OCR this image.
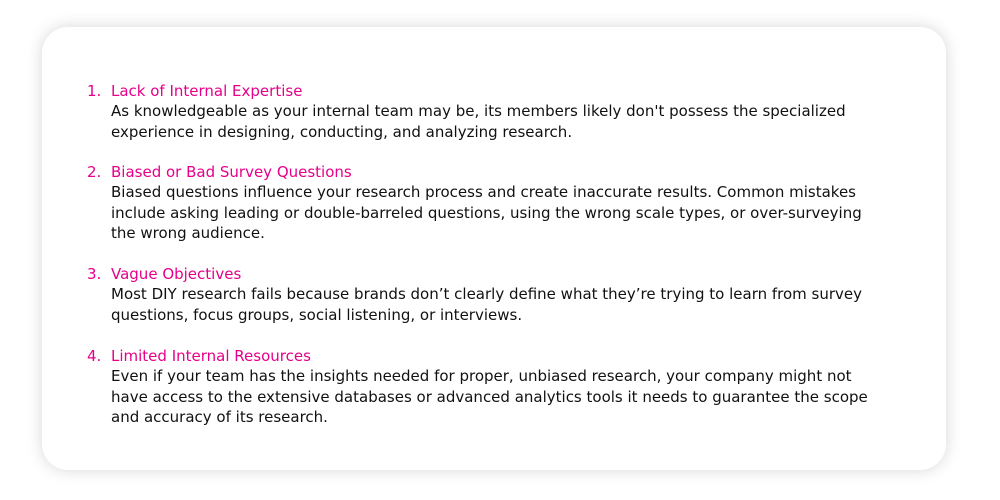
1. Lack of Internal Expertise
As knowledgeable as your internal team may be, its members likely don't possess the specialized experience in designing, conducting, and analyzing research.
2. Biased or Bad Survey Questions
Biased questions influence your research process and create inaccurate results. Common mistakes include asking leading or double-barreled questions, using the wrong scale types, or over-surveying the wrong audience.
3. Vague Objectives
Most DIY research fails because brands don’t clearly define what they’re trying to learn from survey questions, focus groups, social listening, or interviews.
4. Limited Internal Resources
Even if your team has the insights needed for proper, unbiased research, your company might not have access to the extensive databases or advanced analytics tools it needs to guarantee the scope and accuracy of its research.
